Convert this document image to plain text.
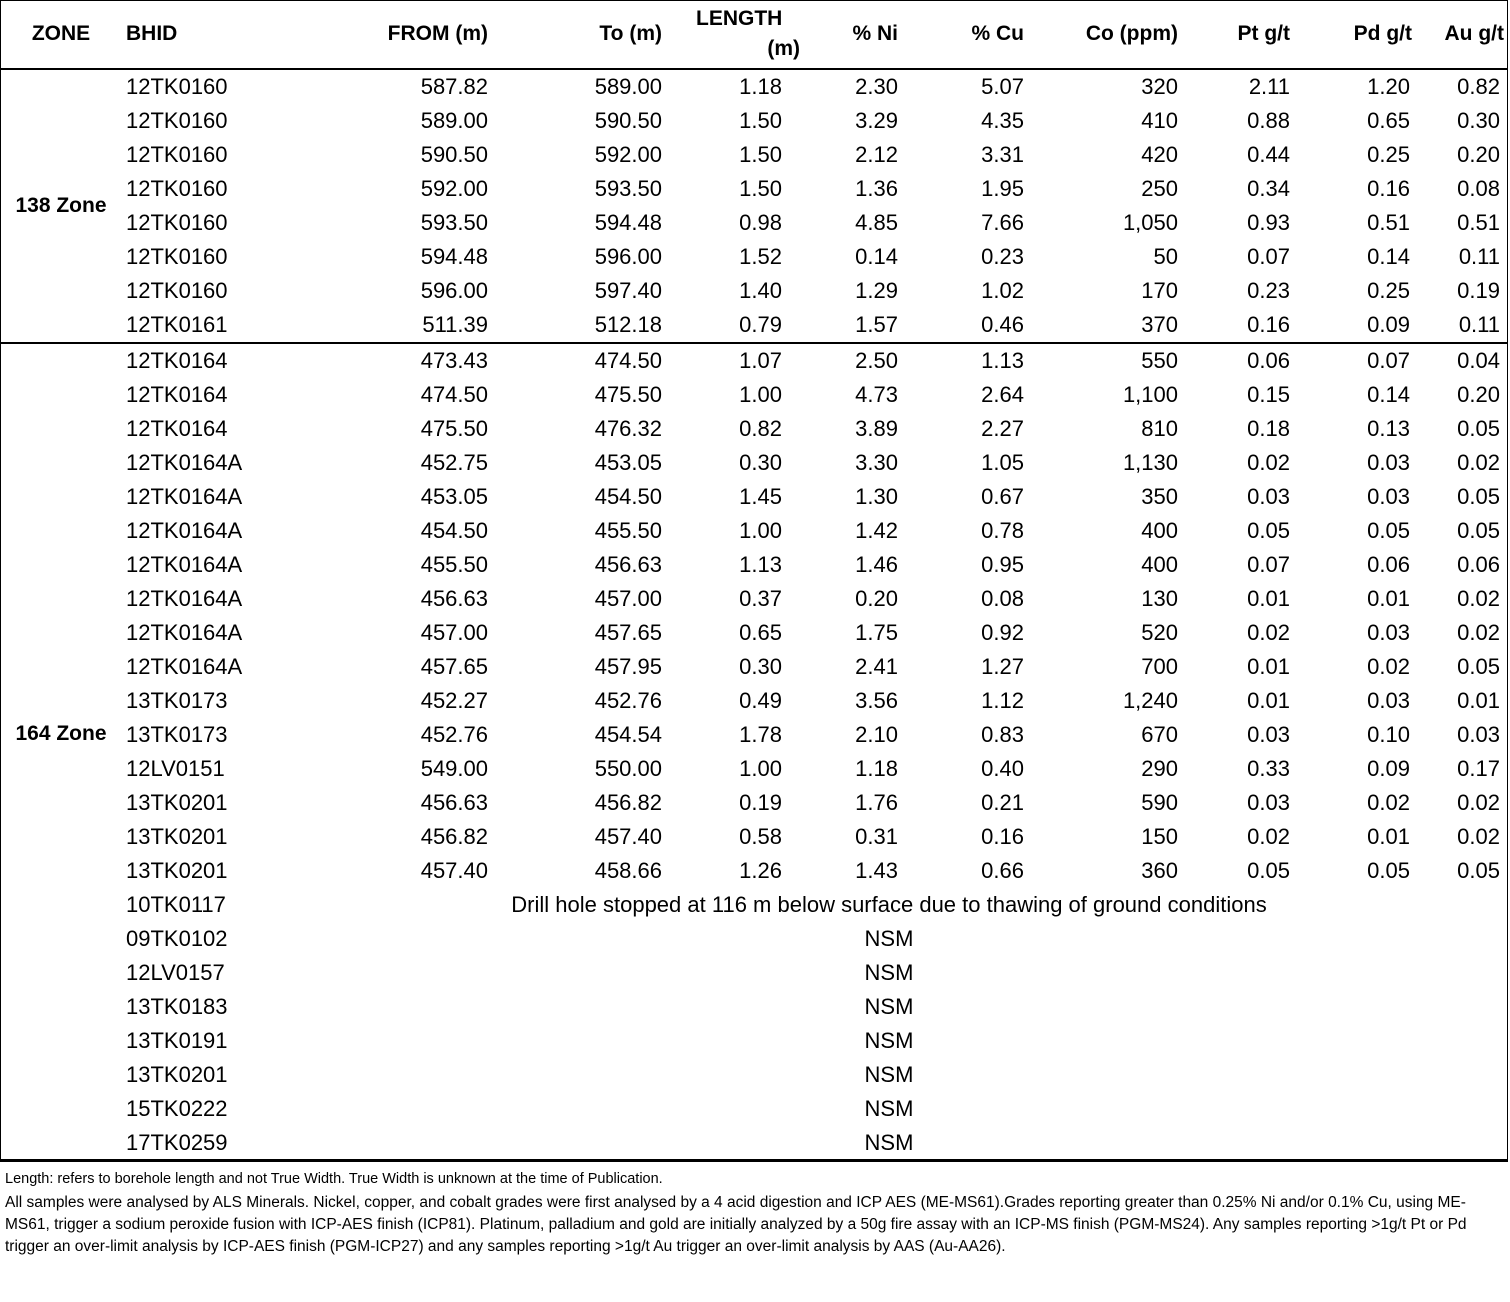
ZONE	BHID	FROM (m)	To (m)	LENGTH
(m)	% Ni	% Cu	Co (ppm)	Pt g/t	Pd g/t	Au g/t
138 Zone	12TK0160	587.82	589.00	1.18	2.30	5.07	320	2.11	1.20	0.82
	12TK0160	589.00	590.50	1.50	3.29	4.35	410	0.88	0.65	0.30
	12TK0160	590.50	592.00	1.50	2.12	3.31	420	0.44	0.25	0.20
	12TK0160	592.00	593.50	1.50	1.36	1.95	250	0.34	0.16	0.08
	12TK0160	593.50	594.48	0.98	4.85	7.66	1,050	0.93	0.51	0.51
	12TK0160	594.48	596.00	1.52	0.14	0.23	50	0.07	0.14	0.11
	12TK0160	596.00	597.40	1.40	1.29	1.02	170	0.23	0.25	0.19
	12TK0161	511.39	512.18	0.79	1.57	0.46	370	0.16	0.09	0.11
164 Zone	12TK0164	473.43	474.50	1.07	2.50	1.13	550	0.06	0.07	0.04
	12TK0164	474.50	475.50	1.00	4.73	2.64	1,100	0.15	0.14	0.20
	12TK0164	475.50	476.32	0.82	3.89	2.27	810	0.18	0.13	0.05
	12TK0164A	452.75	453.05	0.30	3.30	1.05	1,130	0.02	0.03	0.02
	12TK0164A	453.05	454.50	1.45	1.30	0.67	350	0.03	0.03	0.05
	12TK0164A	454.50	455.50	1.00	1.42	0.78	400	0.05	0.05	0.05
	12TK0164A	455.50	456.63	1.13	1.46	0.95	400	0.07	0.06	0.06
	12TK0164A	456.63	457.00	0.37	0.20	0.08	130	0.01	0.01	0.02
	12TK0164A	457.00	457.65	0.65	1.75	0.92	520	0.02	0.03	0.02
	12TK0164A	457.65	457.95	0.30	2.41	1.27	700	0.01	0.02	0.05
	13TK0173	452.27	452.76	0.49	3.56	1.12	1,240	0.01	0.03	0.01
	13TK0173	452.76	454.54	1.78	2.10	0.83	670	0.03	0.10	0.03
	12LV0151	549.00	550.00	1.00	1.18	0.40	290	0.33	0.09	0.17
	13TK0201	456.63	456.82	0.19	1.76	0.21	590	0.03	0.02	0.02
	13TK0201	456.82	457.40	0.58	0.31	0.16	150	0.02	0.01	0.02
	13TK0201	457.40	458.66	1.26	1.43	0.66	360	0.05	0.05	0.05
	10TK0117	Drill hole stopped at 116 m below surface due to thawing of ground conditions								
	09TK0102	NSM								
	12LV0157	NSM								
	13TK0183	NSM								
	13TK0191	NSM								
	13TK0201	NSM								
	15TK0222	NSM								
	17TK0259	NSM								

Length: refers to borehole length and not True Width. True Width is unknown at the time of Publication.

All samples were analysed by ALS Minerals. Nickel, copper, and cobalt grades were first analysed by a 4 acid digestion and ICP AES (ME-MS61).Grades reporting greater than 0.25% Ni and/or 0.1% Cu, using ME-MS61, trigger a sodium peroxide fusion with ICP-AES finish (ICP81). Platinum, palladium and gold are initially analyzed by a 50g fire assay with an ICP-MS finish (PGM-MS24). Any samples reporting >1g/t Pt or Pd trigger an over-limit analysis by ICP-AES finish (PGM-ICP27) and any samples reporting >1g/t Au trigger an over-limit analysis by AAS (Au-AA26).
